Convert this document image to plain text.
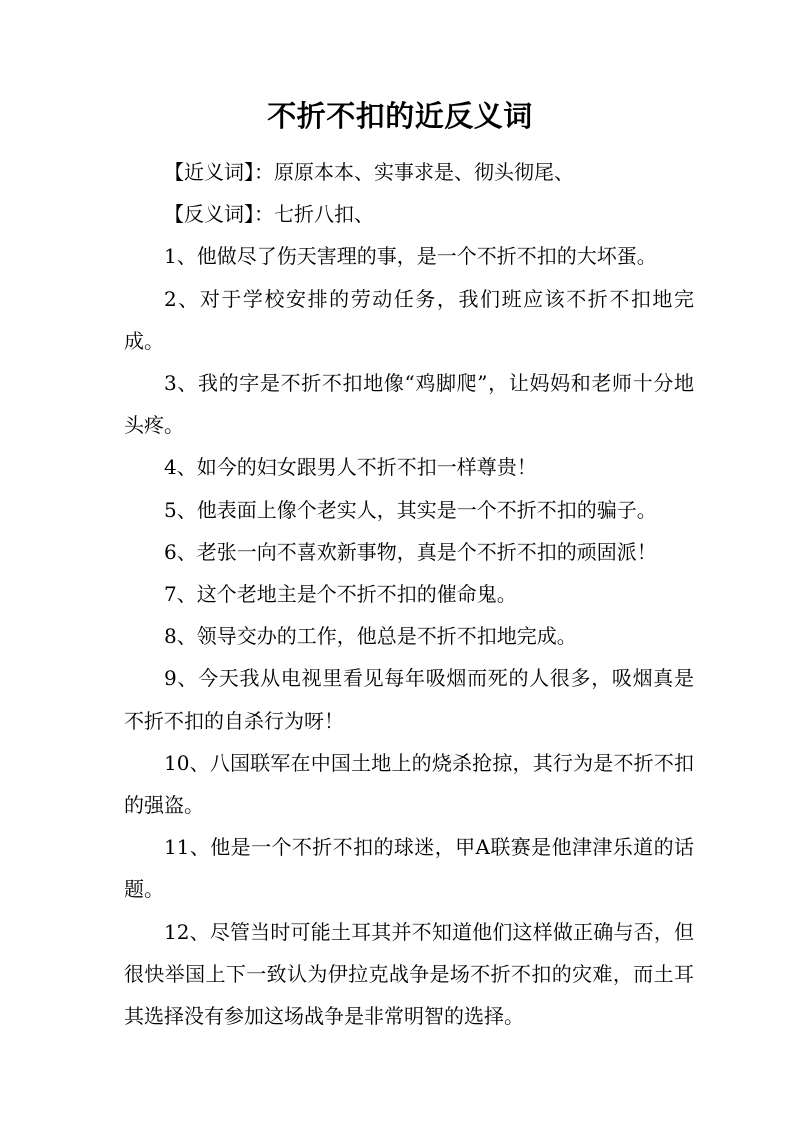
不折不扣的近反义词

【近义词】：原原本本、实事求是、彻头彻尾、

【反义词】：七折八扣、

1、他做尽了伤天害理的事，是一个不折不扣的大坏蛋。

2、对于学校安排的劳动任务，我们班应该不折不扣地完成。

3、我的字是不折不扣地像“鸡脚爬”，让妈妈和老师十分地头疼。

4、如今的妇女跟男人不折不扣一样尊贵！

5、他表面上像个老实人，其实是一个不折不扣的骗子。

6、老张一向不喜欢新事物，真是个不折不扣的顽固派！

7、这个老地主是个不折不扣的催命鬼。

8、领导交办的工作，他总是不折不扣地完成。

9、今天我从电视里看见每年吸烟而死的人很多，吸烟真是不折不扣的自杀行为呀！

10、八国联军在中国土地上的烧杀抢掠，其行为是不折不扣的强盗。

11、他是一个不折不扣的球迷，甲A联赛是他津津乐道的话题。

12、尽管当时可能土耳其并不知道他们这样做正确与否，但很快举国上下一致认为伊拉克战争是场不折不扣的灾难，而土耳其选择没有参加这场战争是非常明智的选择。
